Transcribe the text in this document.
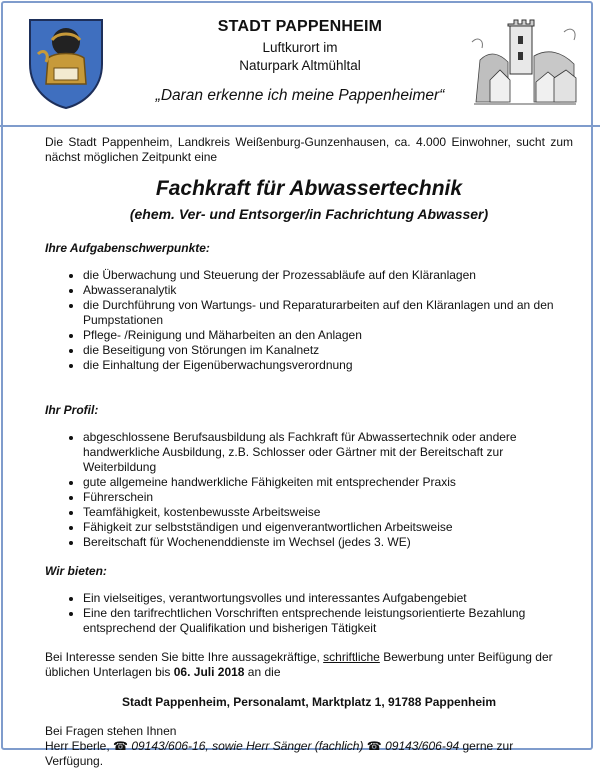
STADT PAPPENHEIM
Luftkurort im
Naturpark Altmühltal
„Daran erkenne ich meine Pappenheimer“

Die Stadt Pappenheim, Landkreis Weißenburg-Gunzenhausen, ca. 4.000 Einwohner, sucht zum nächst möglichen Zeitpunkt eine

Fachkraft für Abwassertechnik
(ehem. Ver- und Entsorger/in Fachrichtung Abwasser)
Ihre Aufgabenschwerpunkte:
• die Überwachung und Steuerung der Prozessabläufe auf den Kläranlagen
• Abwasseranalytik
• die Durchführung von Wartungs- und Reparaturarbeiten auf den Kläranlagen und an den Pumpstationen
• Pflege- /Reinigung und Mäharbeiten an den Anlagen
• die Beseitigung von Störungen im Kanalnetz
• die Einhaltung der Eigenüberwachungsverordnung
Ihr Profil:
• abgeschlossene Berufsausbildung als Fachkraft für Abwassertechnik oder andere handwerkliche Ausbildung, z.B. Schlosser oder Gärtner mit der Bereitschaft zur Weiterbildung
• gute allgemeine handwerkliche Fähigkeiten mit entsprechender Praxis
• Führerschein
• Teamfähigkeit, kostenbewusste Arbeitsweise
• Fähigkeit zur selbstständigen und eigenverantwortlichen Arbeitsweise
• Bereitschaft für Wochenenddienste im Wechsel (jedes 3. WE)
Wir bieten:
• Ein vielseitiges, verantwortungsvolles und interessantes Aufgabengebiet
• Eine den tarifrechtlichen Vorschriften entsprechende leistungsorientierte Bezahlung entsprechend der Qualifikation und bisherigen Tätigkeit

Bei Interesse senden Sie bitte Ihre aussagekräftige, schriftliche Bewerbung unter Beifügung der üblichen Unterlagen bis 06. Juli 2018 an die

Stadt Pappenheim, Personalamt, Marktplatz 1, 91788 Pappenheim
Bei Fragen stehen Ihnen
Herr Eberle, ☎ 09143/606-16, sowie Herr Sänger (fachlich) ☎ 09143/606-94 gerne zur Verfügung.
